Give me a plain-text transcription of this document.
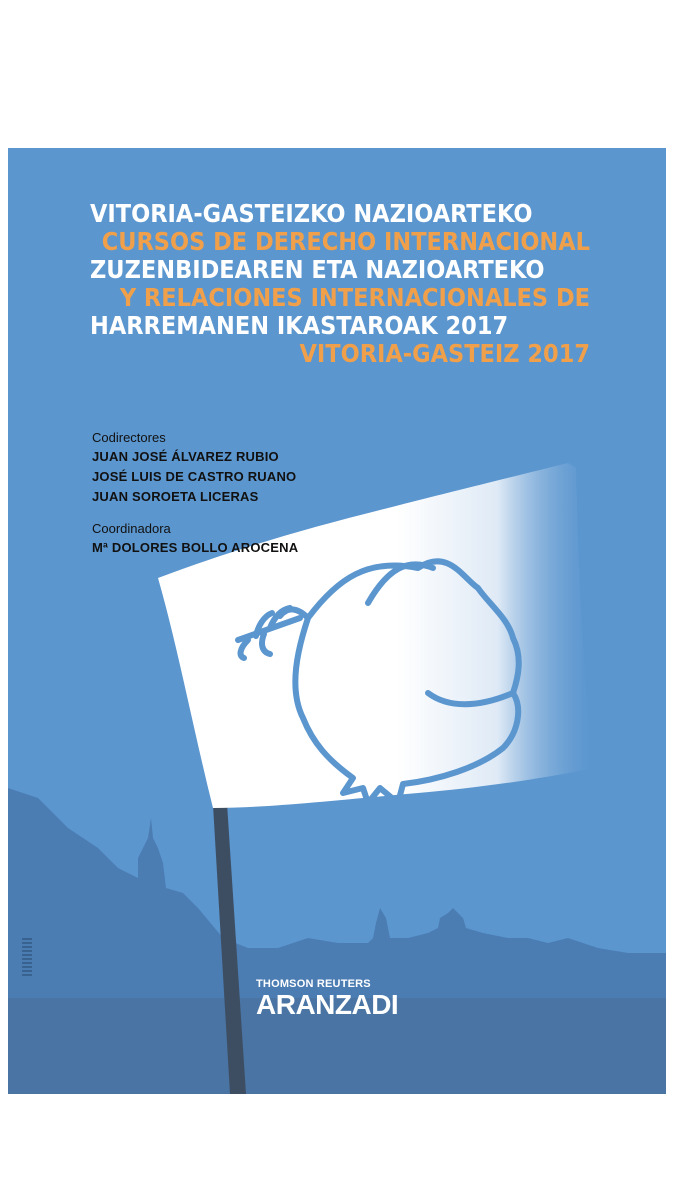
VITORIA-GASTEIZKO NAZIOARTEKO
CURSOS DE DERECHO INTERNACIONAL
ZUZENBIDEAREN ETA NAZIOARTEKO
Y RELACIONES INTERNACIONALES DE
HARREMANEN IKASTAROAK 2017
VITORIA-GASTEIZ 2017
Codirectores
JUAN JOSÉ ÁLVAREZ RUBIO
JOSÉ LUIS DE CASTRO RUANO
JUAN SOROETA LICERAS
Coordinadora
Mª DOLORES BOLLO AROCENA
THOMSON REUTERS
ARANZADI
